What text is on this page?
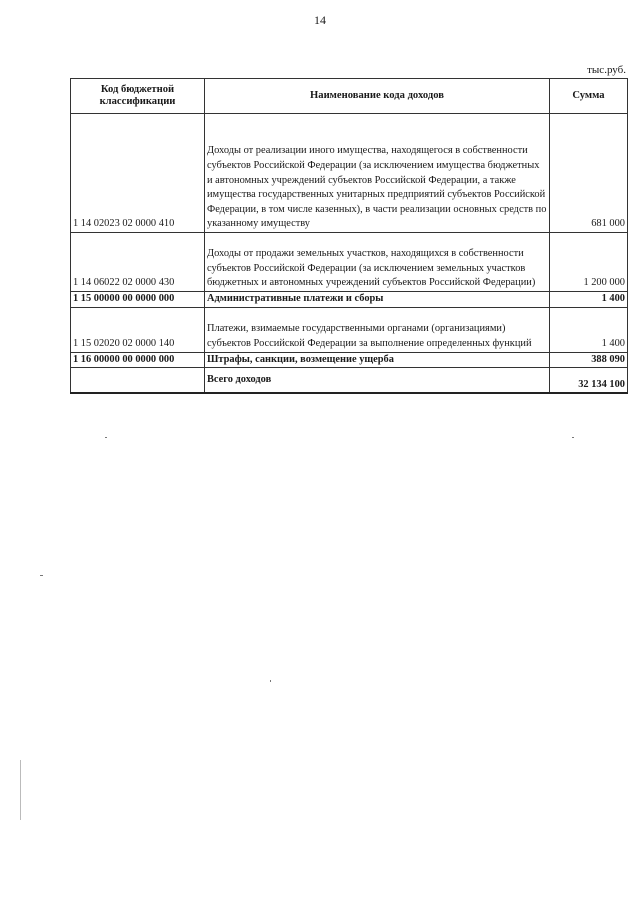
14
тыс.руб.
Код бюджетной классификации	Наименование кода доходов	Сумма
1 14 02023 02 0000 410	Доходы от реализации иного имущества, находящегося в собственности субъектов Российской Федерации (за исключением имущества бюджетных и автономных учреждений субъектов Российской Федерации, а также имущества государственных унитарных предприятий субъектов Российской Федерации, в том числе казенных), в части реализации основных средств по указанному имуществу	681 000
1 14 06022 02 0000 430	Доходы от продажи земельных участков, находящихся в собственности субъектов Российской Федерации (за исключением земельных участков бюджетных и автономных учреждений субъектов Российской Федерации)	1 200 000
1 15 00000 00 0000 000	Административные платежи и сборы	1 400
1 15 02020 02 0000 140	Платежи, взимаемые государственными органами (организациями) субъектов Российской Федерации за выполнение определенных функций	1 400
1 16 00000 00 0000 000	Штрафы, санкции, возмещение ущерба	388 090
	Всего доходов	32 134 100
